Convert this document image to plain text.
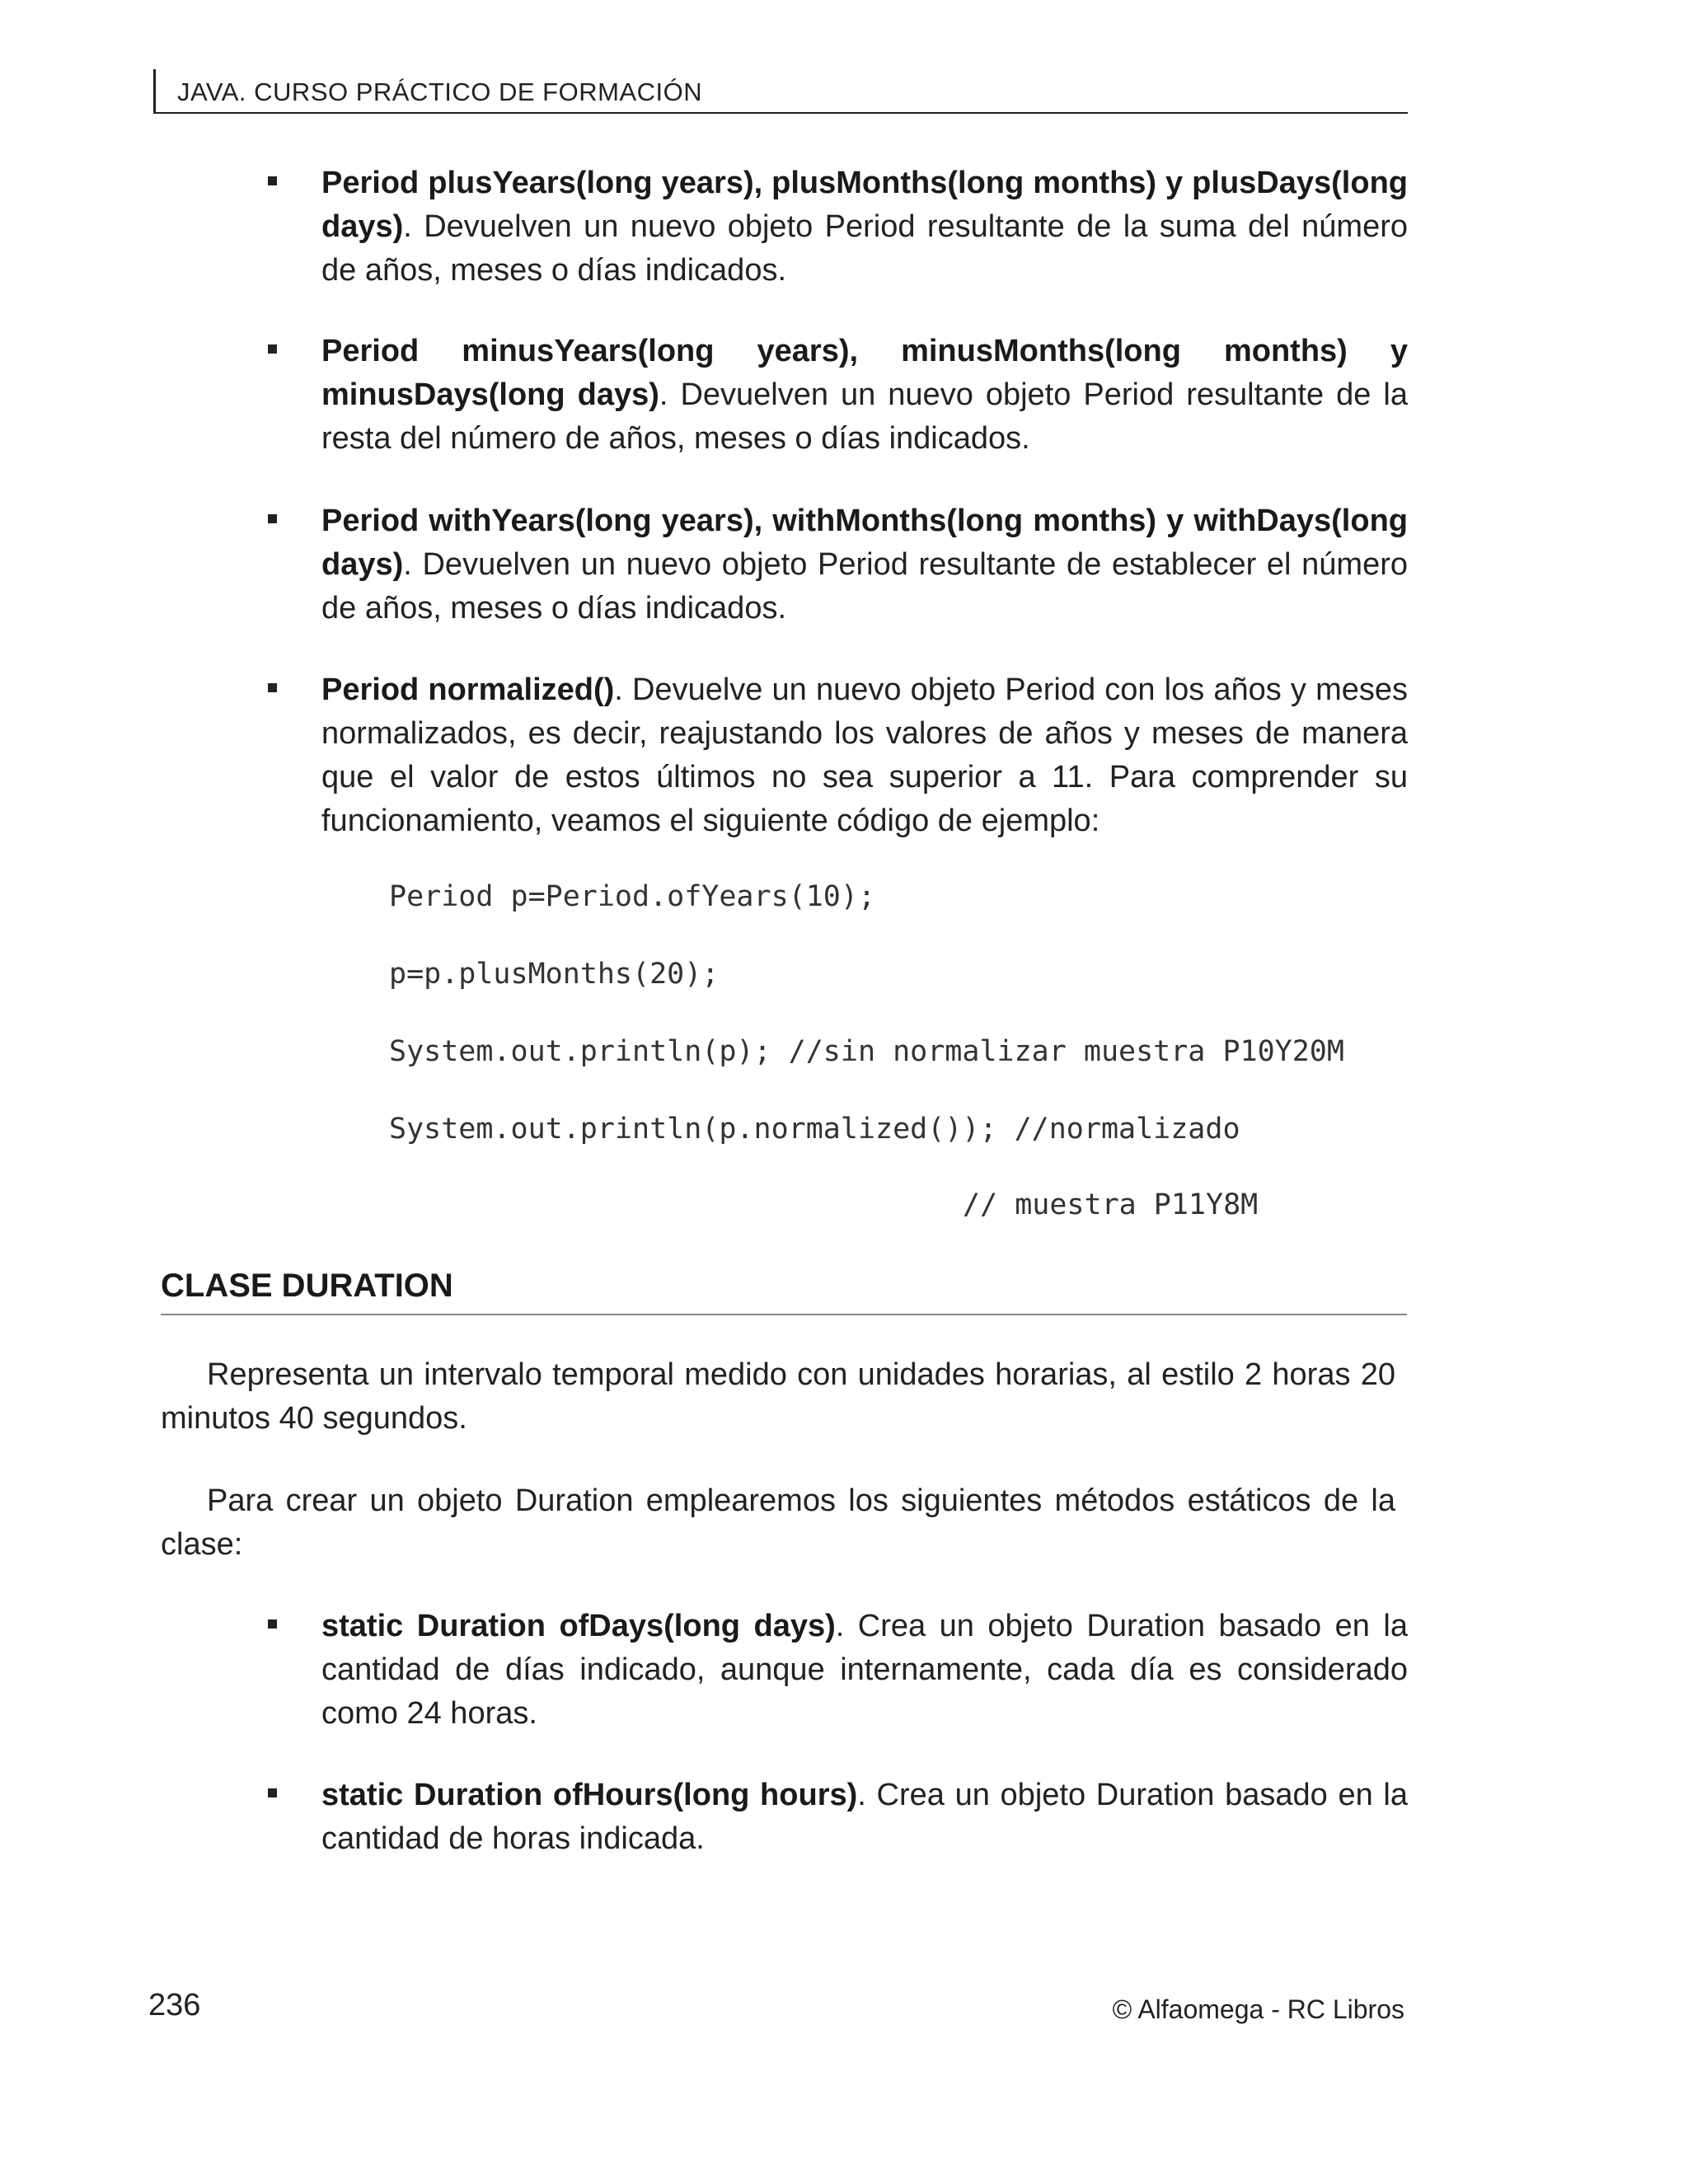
JAVA. CURSO PRÁCTICO DE FORMACIÓN
Period plusYears(long years), plusMonths(long months) y plusDays(long days). Devuelven un nuevo objeto Period resultante de la suma del número de años, meses o días indicados.
Period minusYears(long years), minusMonths(long months) y minusDays(long days). Devuelven un nuevo objeto Period resultante de la resta del número de años, meses o días indicados.
Period withYears(long years), withMonths(long months) y withDays(long days). Devuelven un nuevo objeto Period resultante de establecer el número de años, meses o días indicados.
Period normalized(). Devuelve un nuevo objeto Period con los años y meses normalizados, es decir, reajustando los valores de años y meses de manera que el valor de estos últimos no sea superior a 11. Para comprender su funcionamiento, veamos el siguiente código de ejemplo:
Period p=Period.ofYears(10);
p=p.plusMonths(20);
System.out.println(p); //sin normalizar muestra P10Y20M
System.out.println(p.normalized()); //normalizado
// muestra P11Y8M
CLASE DURATION
Representa un intervalo temporal medido con unidades horarias, al estilo 2 horas 20 minutos 40 segundos.
Para crear un objeto Duration emplearemos los siguientes métodos estáticos de la clase:
static Duration ofDays(long days). Crea un objeto Duration basado en la cantidad de días indicado, aunque internamente, cada día es considerado como 24 horas.
static Duration ofHours(long hours). Crea un objeto Duration basado en la cantidad de horas indicada.
236	© Alfaomega - RC Libros
